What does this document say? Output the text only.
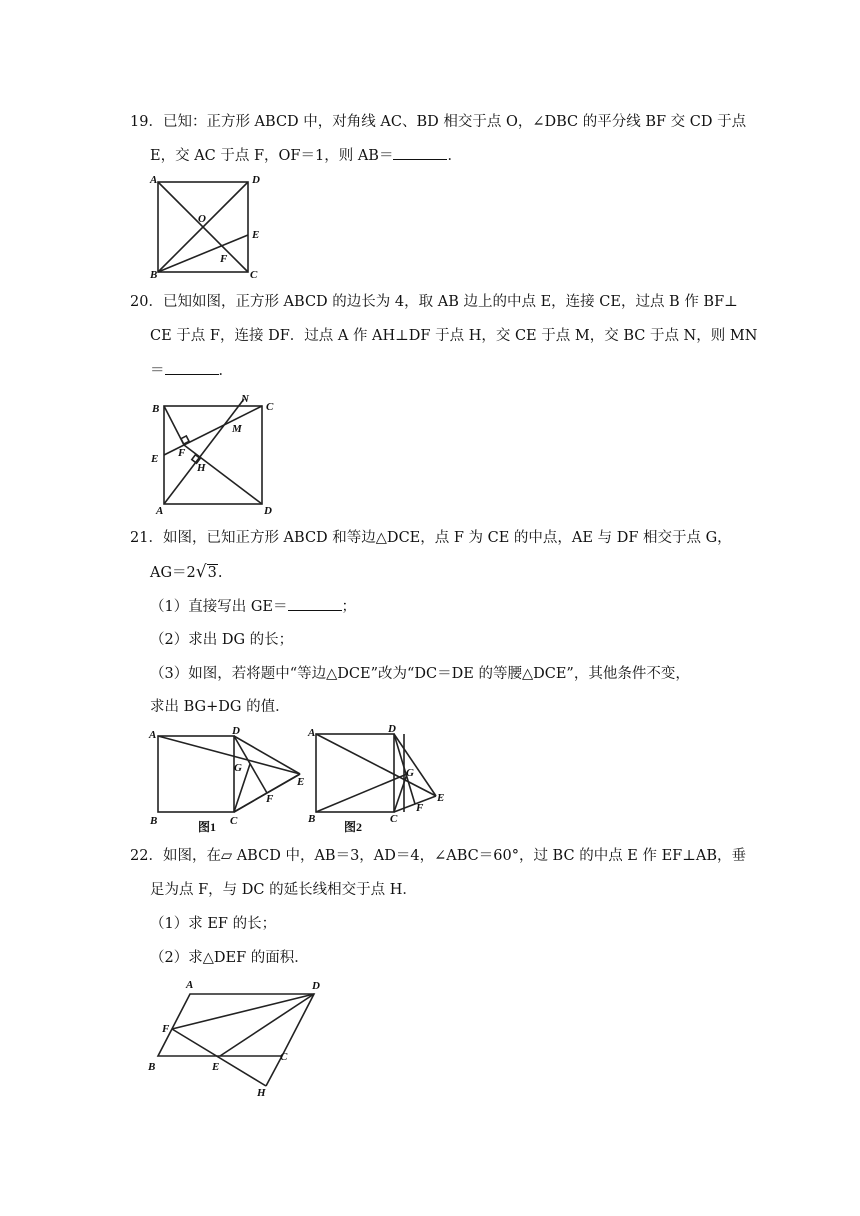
19．已知：正方形 ABCD 中，对角线 AC、BD 相交于点 O，∠DBC 的平分线 BF 交 CD 于点
E，交 AC 于点 F，OF＝1，则 AB＝	．
A	D
O
E
F
B	C
20．已知如图，正方形 ABCD 的边长为 4，取 AB 边上的中点 E，连接 CE，过点 B 作 BF⊥
CE 于点 F，连接 DF．过点 A 作 AH⊥DF 于点 H，交 CE 于点 M，交 BC 于点 N，则 MN
＝	．
B
N
C
M
F
E
H
A	D
21．如图，已知正方形 ABCD 和等边△DCE，点 F 为 CE 的中点，AE 与 DF 相交于点 G，
AG＝2√3.
（1）直接写出 GE＝	；
（2）求出 DG 的长；
（3）如图，若将题中“等边△DCE”改为“DC＝DE 的等腰△DCE”，其他条件不变，
求出 BG+DG 的值．
A	D
G
E
F
B	C
图1
A	D
G
E
F
B	C
图2
22．如图，在▱ ABCD 中，AB＝3，AD＝4，∠ABC＝60°，过 BC 的中点 E 作 EF⊥AB，垂
足为点 F，与 DC 的延长线相交于点 H．
（1）求 EF 的长；
（2）求△DEF 的面积．
A	D
F
B	E
C
H
